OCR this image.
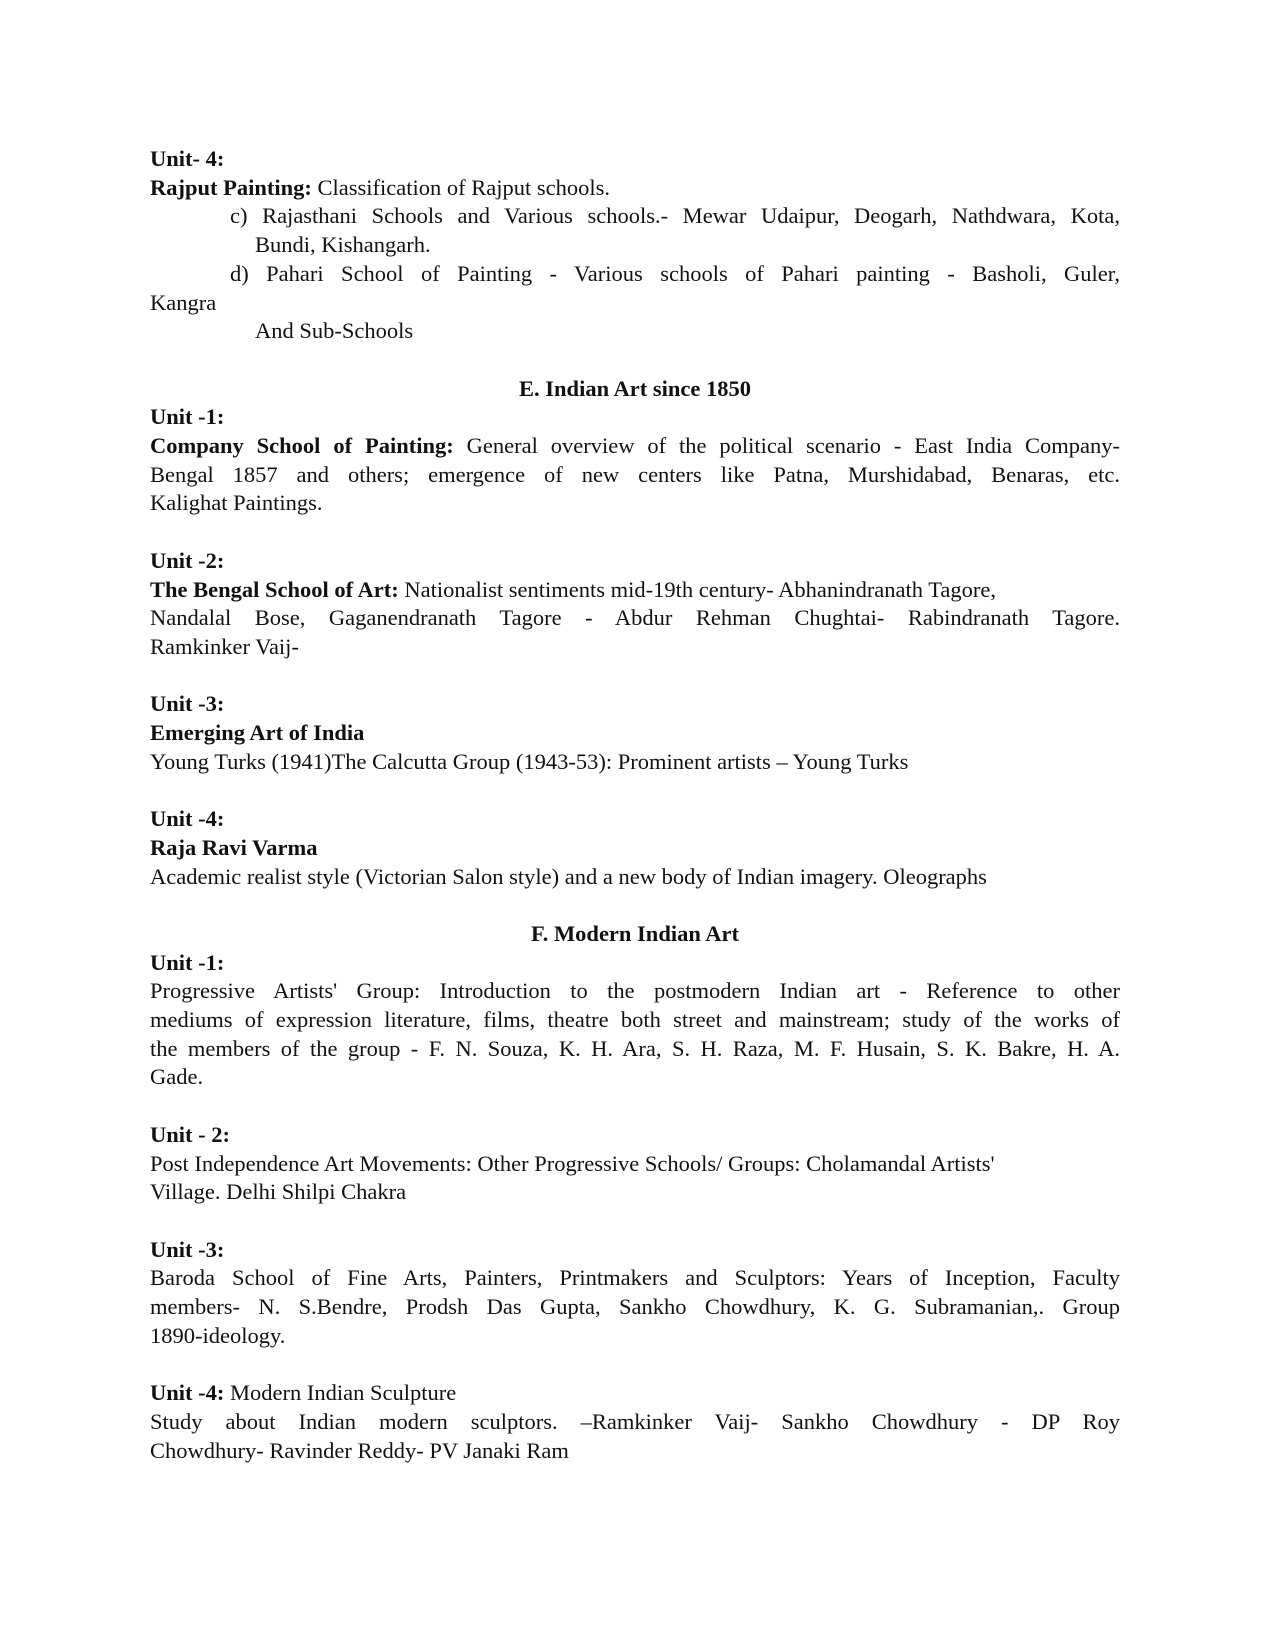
Unit- 4:

Rajput Painting: Classification of Rajput schools.

c) Rajasthani Schools and Various schools.- Mewar Udaipur, Deogarh, Nathdwara, Kota,

Bundi, Kishangarh.

d) Pahari School of Painting - Various schools of Pahari painting - Basholi, Guler,

Kangra

And Sub-Schools

E. Indian Art since 1850

Unit -1:

Company School of Painting: General overview of the political scenario - East India Company-

Bengal 1857 and others; emergence of new centers like Patna, Murshidabad, Benaras, etc.

Kalighat Paintings.

Unit -2:

The Bengal School of Art: Nationalist sentiments mid-19th century- Abhanindranath Tagore,

Nandalal Bose, Gaganendranath Tagore - Abdur Rehman Chughtai- Rabindranath Tagore.

Ramkinker Vaij-

Unit -3:

Emerging Art of India

Young Turks (1941)The Calcutta Group (1943-53): Prominent artists – Young Turks

Unit -4:

Raja Ravi Varma

Academic realist style (Victorian Salon style) and a new body of Indian imagery. Oleographs

F. Modern Indian Art

Unit -1:

Progressive Artists' Group: Introduction to the postmodern Indian art - Reference to other

mediums of expression literature, films, theatre both street and mainstream; study of the works of

the members of the group - F. N. Souza, K. H. Ara, S. H. Raza, M. F. Husain, S. K. Bakre, H. A.

Gade.

Unit - 2:

Post Independence Art Movements: Other Progressive Schools/ Groups: Cholamandal Artists'

Village. Delhi Shilpi Chakra

Unit -3:

Baroda School of Fine Arts, Painters, Printmakers and Sculptors: Years of Inception, Faculty

members- N. S.Bendre, Prodsh Das Gupta, Sankho Chowdhury, K. G. Subramanian,. Group

1890-ideology.

Unit -4: Modern Indian Sculpture

Study about Indian modern sculptors. –Ramkinker Vaij- Sankho Chowdhury - DP Roy

Chowdhury- Ravinder Reddy- PV Janaki Ram
